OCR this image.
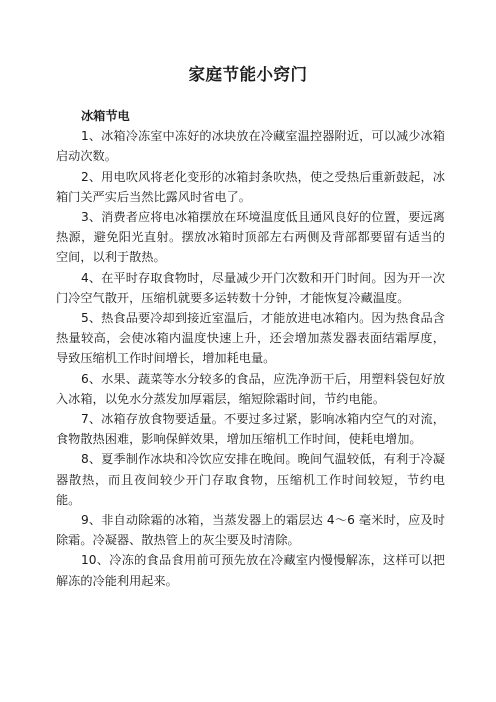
家庭节能小窍门

冰箱节电

1、冰箱冷冻室中冻好的冰块放在冷藏室温控器附近，可以减少冰箱启动次数。

2、用电吹风将老化变形的冰箱封条吹热，使之受热后重新鼓起，冰箱门关严实后当然比露风时省电了。

3、消费者应将电冰箱摆放在环境温度低且通风良好的位置，要远离热源，避免阳光直射。摆放冰箱时顶部左右两侧及背部都要留有适当的空间，以利于散热。

4、在平时存取食物时，尽量减少开门次数和开门时间。因为开一次门冷空气散开，压缩机就要多运转数十分钟，才能恢复冷藏温度。

5、热食品要冷却到接近室温后，才能放进电冰箱内。因为热食品含热量较高，会使冰箱内温度快速上升，还会增加蒸发器表面结霜厚度，导致压缩机工作时间增长，增加耗电量。

6、水果、蔬菜等水分较多的食品，应洗净沥干后，用塑料袋包好放入冰箱，以免水分蒸发加厚霜层，缩短除霜时间，节约电能。

7、冰箱存放食物要适量。不要过多过紧，影响冰箱内空气的对流，食物散热困难，影响保鲜效果，增加压缩机工作时间，使耗电增加。

8、夏季制作冰块和冷饮应安排在晚间。晚间气温较低，有利于冷凝器散热，而且夜间较少开门存取食物，压缩机工作时间较短，节约电能。

9、非自动除霜的冰箱，当蒸发器上的霜层达 4～6 毫米时，应及时除霜。冷凝器、散热管上的灰尘要及时清除。

10、冷冻的食品食用前可预先放在冷藏室内慢慢解冻，这样可以把解冻的冷能利用起来。
